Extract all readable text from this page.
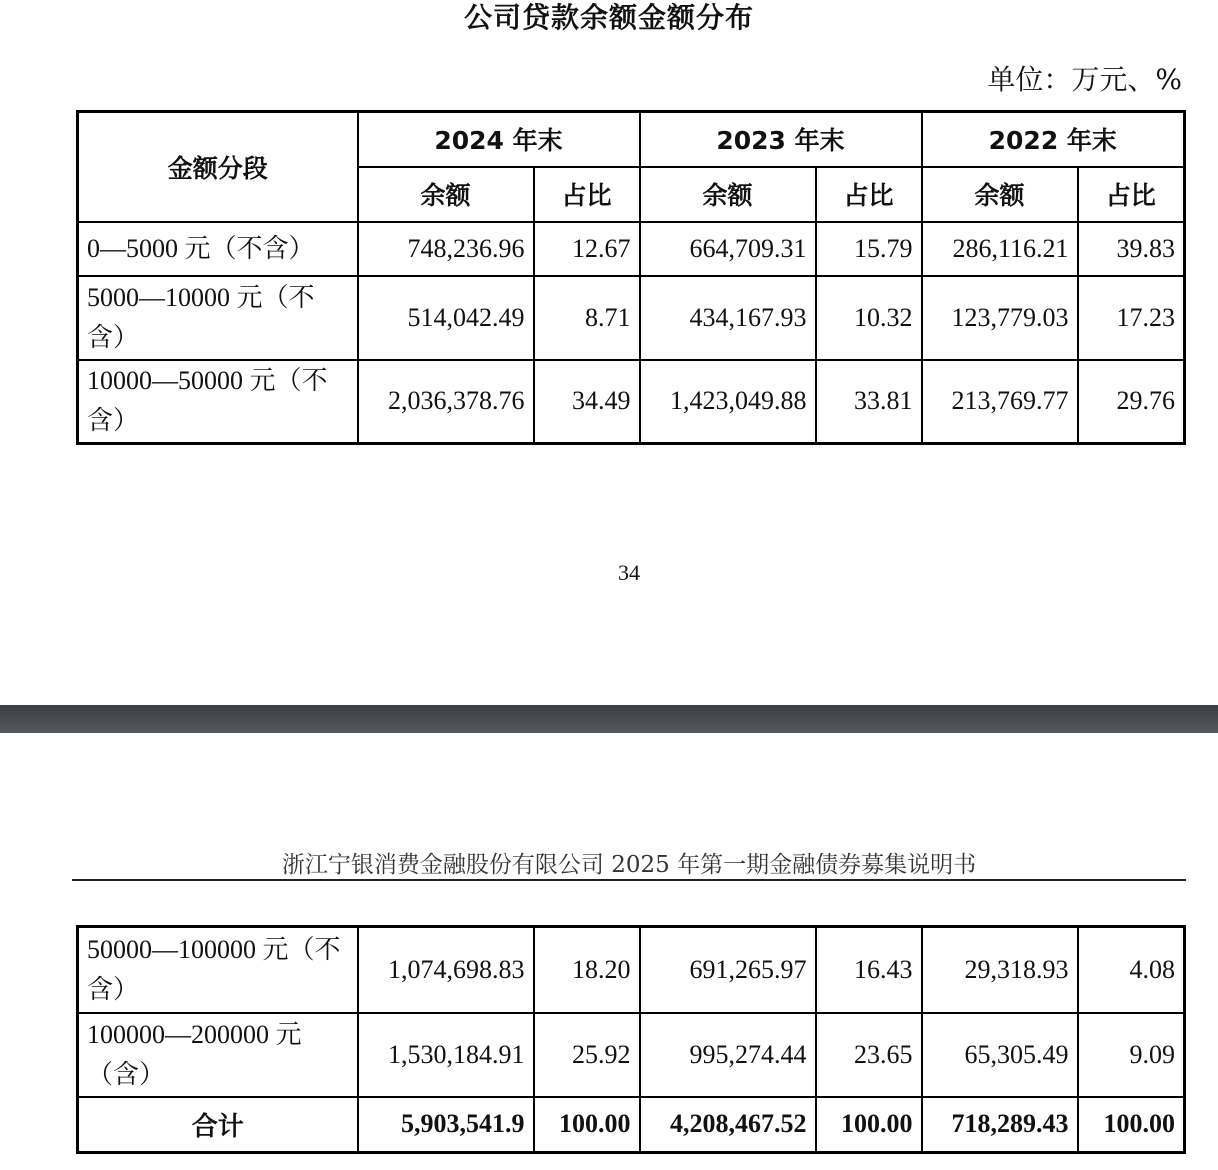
公司贷款余额金额分布
单位：万元、%
金额分段	2024 年末		2023 年末		2022 年末	
	余额	占比	余额	占比	余额	占比
0—5000 元（不含）	748,236.96	12.67	664,709.31	15.79	286,116.21	39.83
5000—10000 元（不含）	514,042.49	8.71	434,167.93	10.32	123,779.03	17.23
10000—50000 元（不含）	2,036,378.76	34.49	1,423,049.88	33.81	213,769.77	29.76
34
浙江宁银消费金融股份有限公司 2025 年第一期金融债券募集说明书
50000—100000 元（不含）	1,074,698.83	18.20	691,265.97	16.43	29,318.93	4.08
100000—200000 元（含）	1,530,184.91	25.92	995,274.44	23.65	65,305.49	9.09
合计	5,903,541.9	100.00	4,208,467.52	100.00	718,289.43	100.00
